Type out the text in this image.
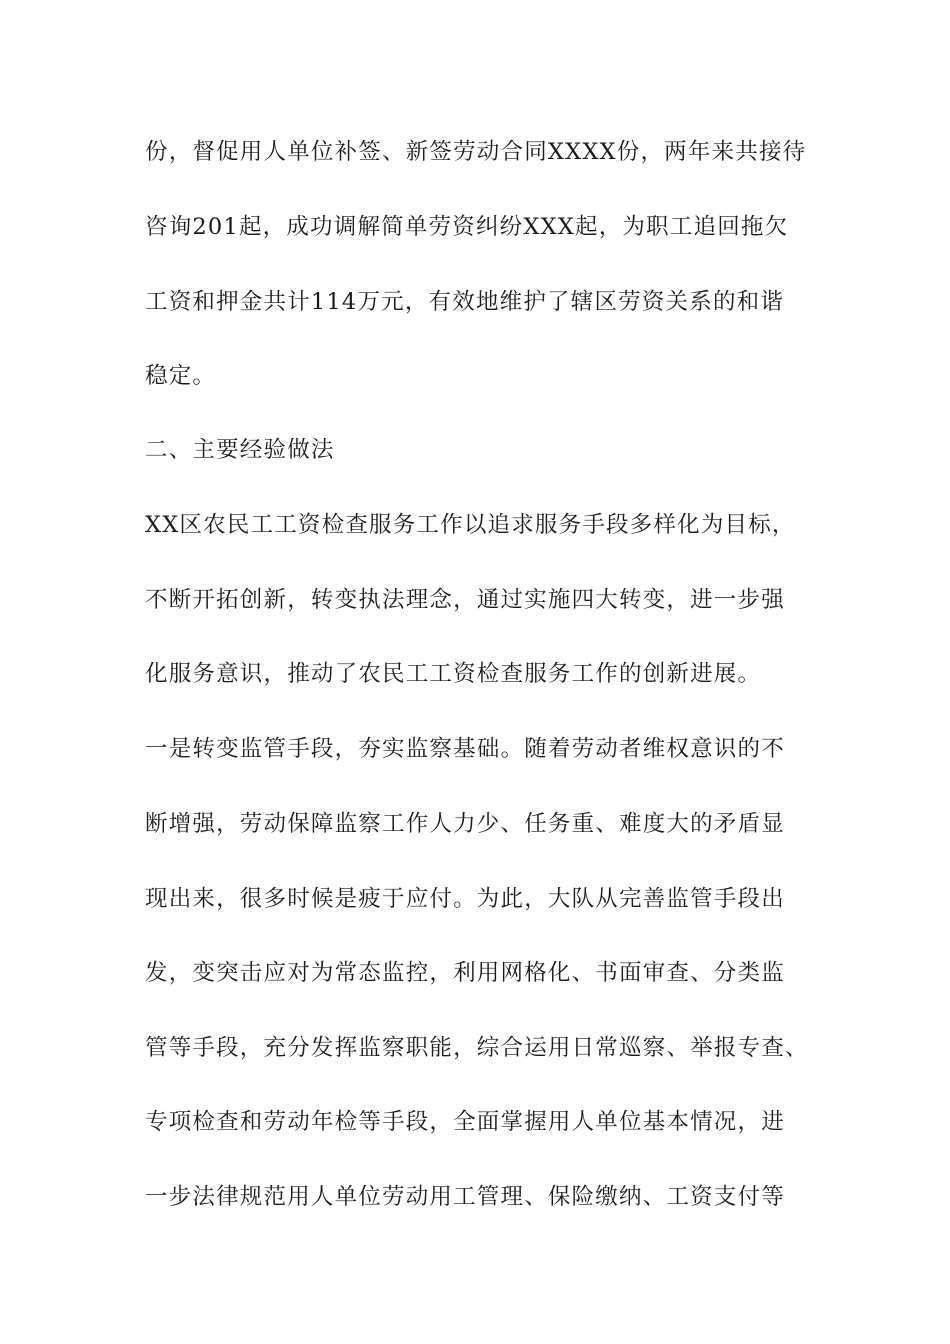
份，督促用人单位补签、新签劳动合同XXXX份，两年来共接待

咨询201起，成功调解简单劳资纠纷XXX起，为职工追回拖欠

工资和押金共计114万元，有效地维护了辖区劳资关系的和谐

稳定。

二、主要经验做法

XX区农民工工资检查服务工作以追求服务手段多样化为目标，

不断开拓创新，转变执法理念，通过实施四大转变，进一步强

化服务意识，推动了农民工工资检查服务工作的创新进展。

一是转变监管手段，夯实监察基础。随着劳动者维权意识的不

断增强，劳动保障监察工作人力少、任务重、难度大的矛盾显

现出来，很多时候是疲于应付。为此，大队从完善监管手段出

发，变突击应对为常态监控，利用网格化、书面审查、分类监

管等手段，充分发挥监察职能，综合运用日常巡察、举报专查、

专项检查和劳动年检等手段，全面掌握用人单位基本情况，进

一步法律规范用人单位劳动用工管理、保险缴纳、工资支付等
